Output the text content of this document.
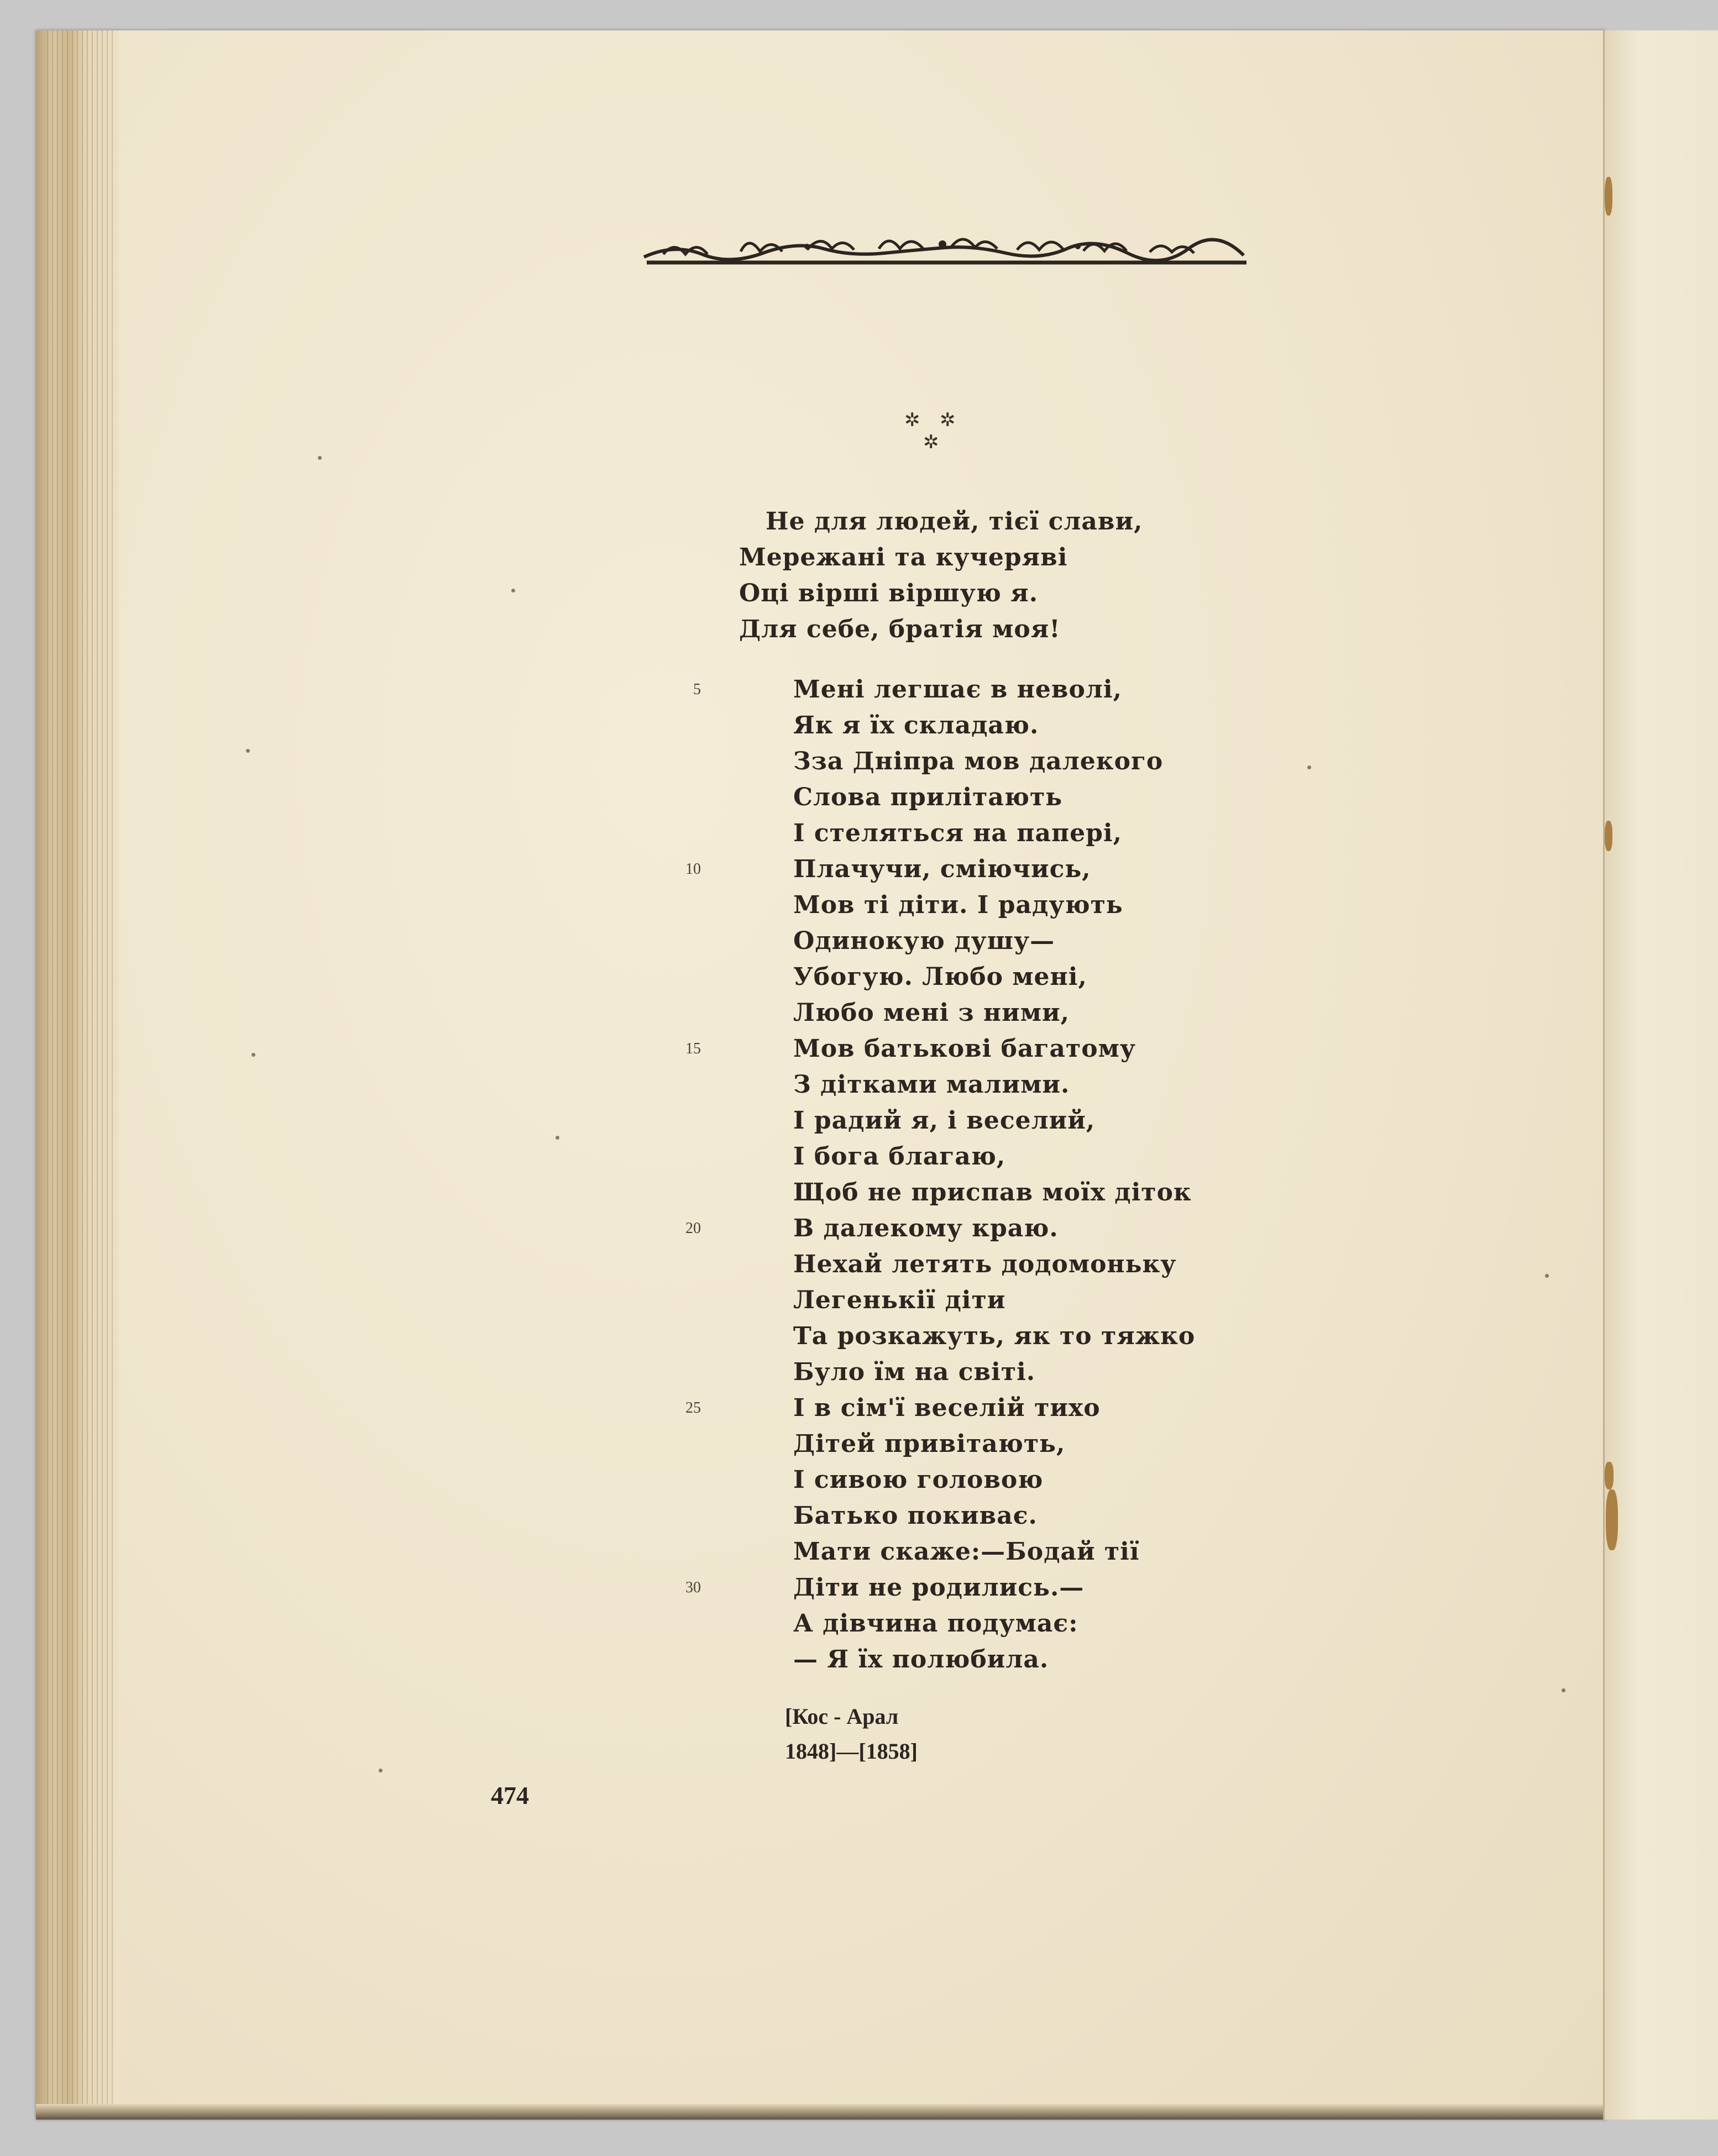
✲ ✲
✲
Не для людей, тієї слави,
Мережані та кучеряві
Оці вірші віршую я.
Для себе, братія моя!
Мені легшає в неволі,
Як я їх складаю.
Зза Дніпра мов далекого
Слова прилітають
І стеляться на папері,
Плачучи, сміючись,
Мов ті діти. І радують
Одинокую душу—
Убогую. Любо мені,
Любо мені з ними,
Мов батькові багатому
З дітками малими.
І радий я, і веселий,
І бога благаю,
Щоб не приспав моїх діток
В далекому краю.
Нехай летять додомоньку
Легенькії діти
Та розкажуть, як то тяжко
Було їм на світі.
І в сім'ї веселій тихо
Дітей привітають,
І сивою головою
Батько покиває.
Мати скаже:—Бодай тії
Діти не родились.—
А дівчина подумає:
— Я їх полюбила.
5
10
15
20
25
30
[Кос - Арал
1848]—[1858]
474
